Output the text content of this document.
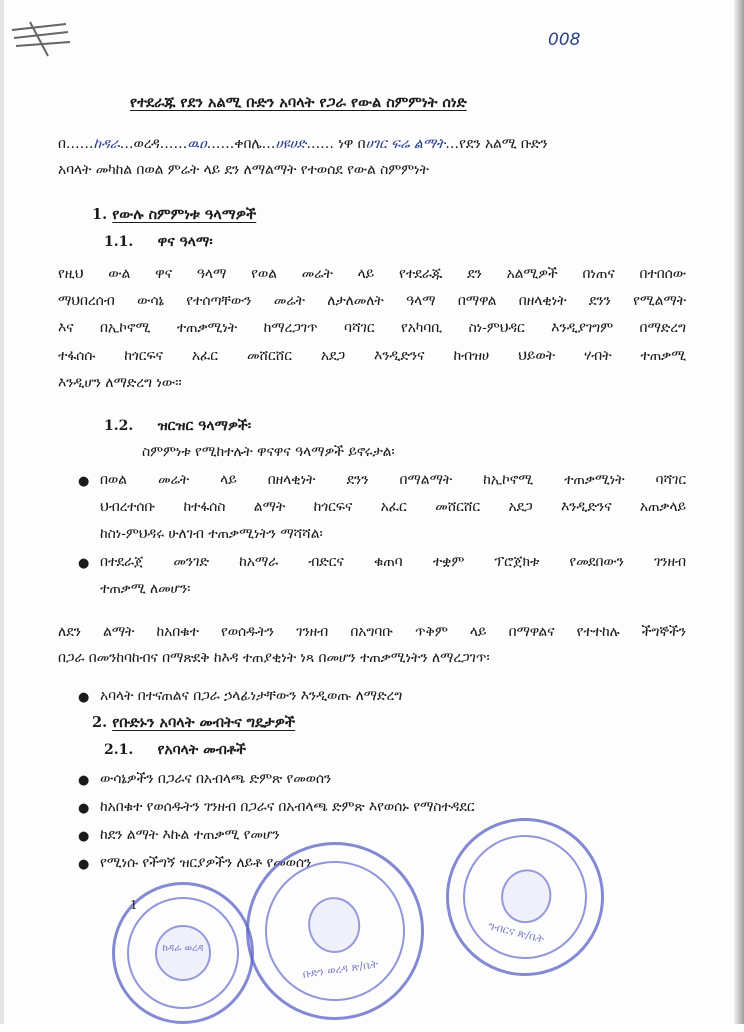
008
የተደራጁ የደን አልሚ ቡድን አባላት የጋራ የውል ስምምነት ሰነድ
በ……ከዳራ…ወረዳ……ዉዐ……ቀበሌ…ሀዩሀድ…… ነዋ በሀገር ፍሬ ልማት…የደን አልሚ ቡድን
አባላት መካከል በወል ምሬት ላይ ደን ለማልማት የተወሰደ የውል ስምምነት
1. የውሉ ስምምነቱ ዓላማዎች
1.1. ዋና ዓላማ፡
የዚህ ውል ዋና ዓላማ የወል መሬት ላይ የተደራጁ ደን አልሚዎች በነጠና በተበሰው
ማህበረሰብ ውሳኔ የተሰጣቸውን መሬት ለታለመለት ዓላማ በማዋል በዘላቂነት ደንን የሚልማት
እና በኢኮኖሚ ተጠቃሚነት ከማረጋገጥ ባሻገር የአካባቢ ስነ-ምህዳር እንዲያገግም በማድረግ
ተፋሰሱ ከጎርፍና አፈር መሸርሸር አደጋ እንዲድንና ከብዝሀ ህይወት ሃብት ተጠቃሚ
እንዲሆን ለማድረግ ነው፡፡
1.2. ዝርዝር ዓላማዎች፡
ስምምነቱ የሚከተሉት ዋናዋና ዓላማዎች ይኖሩታል፡
● በወል መሬት ላይ በዘላቂነት ደንን በማልማት ከኢኮኖሚ ተጠቃሚነት ባሻገር
ህብረተሰቡ ከተፋሰስ ልማት ከጎርፍና አፈር መሸርሸር አደጋ እንዲድንና አጠቃላይ
ከስነ-ምህዳሩ ሁለገብ ተጠቃሚነትን ማሻሻል፡
● በተደራጀ መንገድ ከአማራ ብድርና ቁጠባ ተቋም ፕሮጀክቱ የመደበውን ገንዘብ
ተጠቃሚ ለመሆን፡
ለደን ልማት ከአበቁተ የወሰዱትን ገንዘብ በአግባቡ ጥቅም ላይ በማዋልና የተተከሉ ችግኞችን
በጋራ በመንከባከብና በማጽደቅ ከእዳ ተጠያቂነት ነጻ በመሆን ተጠቃሚነትን ለማረጋገጥ፡
● አባላት በተናጠልና በጋራ ኃላፊነታቸውን እንዲወጡ ለማድረግ
2. የቡድኑን አባላት መብትና ግዴታዎች
2.1. የአባላት መብቶች
● ውሳኔዎችን በጋራና በአብላጫ ድምጽ የመወሰን
● ከአበቁተ የወሰዱትን ገንዘብ በጋራና በአብላጫ ድምጽ እየወሰኑ የማስተዳደር
● ከደን ልማት እኩል ተጠቃሚ የመሆን
● የሚነሱ የችግኝ ዝርያዎችን ለይቶ የመወሰን
ከዳራ ወረዳ
ቡድን ወረዳ ጽ/ቤት
ግብርና ጽ/ቤት
1
